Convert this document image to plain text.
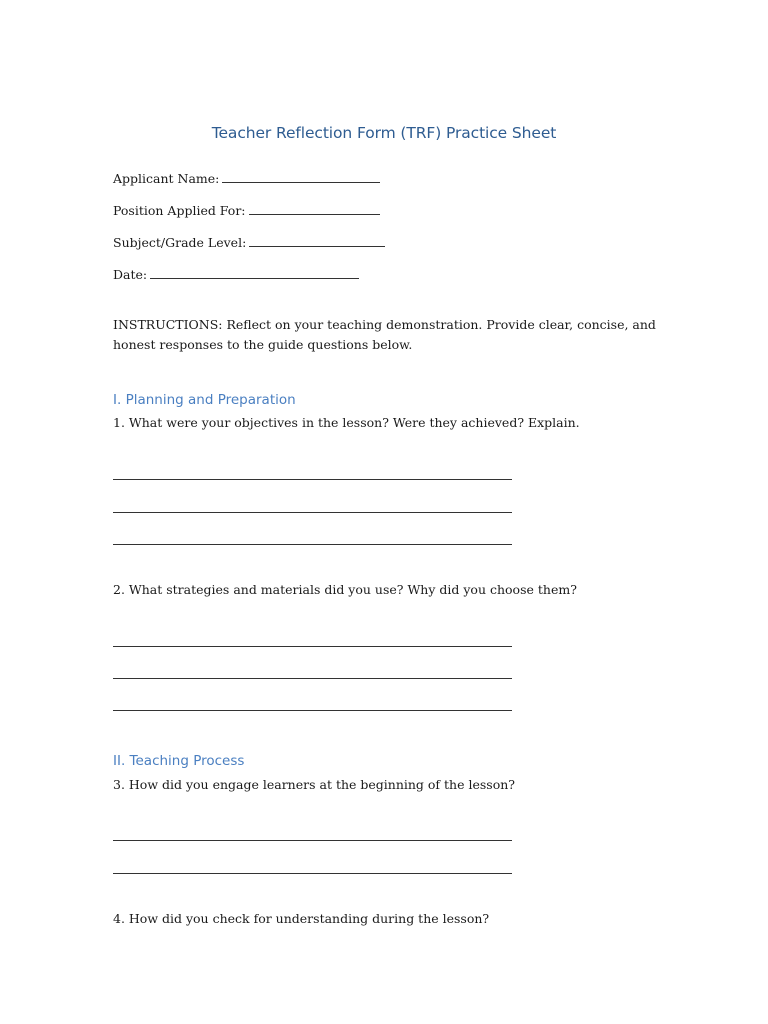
Teacher Reflection Form (TRF) Practice Sheet
Applicant Name:
Position Applied For:
Subject/Grade Level:
Date:
INSTRUCTIONS: Reflect on your teaching demonstration. Provide clear, concise, and honest responses to the guide questions below.
I. Planning and Preparation
1. What were your objectives in the lesson? Were they achieved? Explain.
2. What strategies and materials did you use? Why did you choose them?
II. Teaching Process
3. How did you engage learners at the beginning of the lesson?
4. How did you check for understanding during the lesson?
